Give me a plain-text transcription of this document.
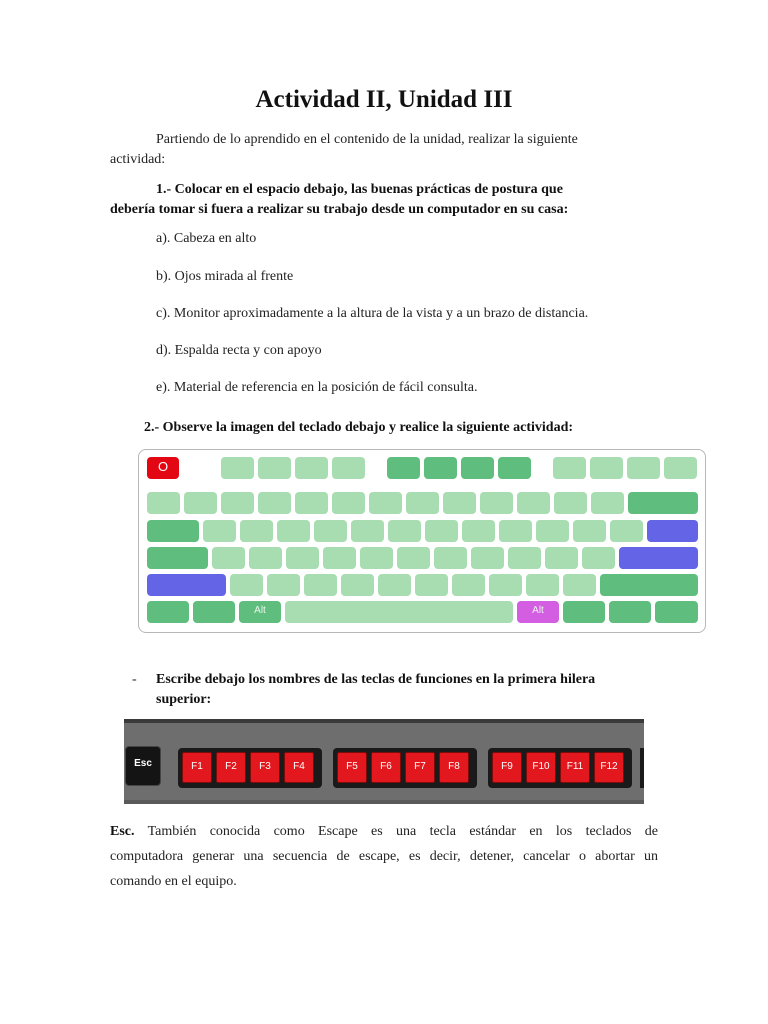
Actividad II, Unidad III
Partiendo de lo aprendido en el contenido de la unidad, realizar la siguiente
actividad:
1.- Colocar en el espacio debajo, las buenas prácticas de postura que
debería tomar si fuera a realizar su trabajo desde un computador en su casa:
a). Cabeza en alto
b). Ojos mirada al frente
c). Monitor aproximadamente a la altura de la vista y a un brazo de distancia.
d). Espalda recta y con apoyo
e). Material de referencia en la posición de fácil consulta.
2.- Observe la imagen del teclado debajo y realice la siguiente actividad:
O
Alt	Alt
- Escribe debajo los nombres de las teclas de funciones en la primera hilera
superior:
Esc	F1	F2	F3	F4	F5	F6	F7	F8	F9	F10	F11	F12
Esc. También conocida como Escape es una tecla estándar en los teclados de
computadora generar una secuencia de escape, es decir, detener, cancelar o abortar un
comando en el equipo.
